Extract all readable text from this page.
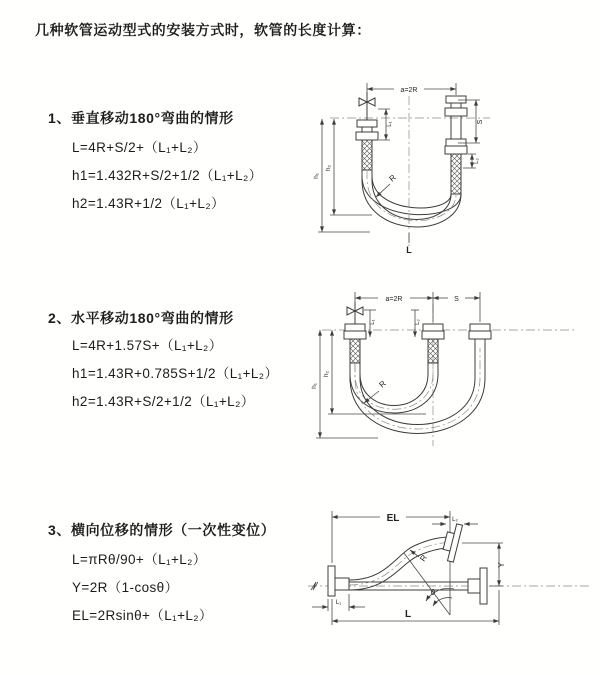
几种软管运动型式的安装方式时，软管的长度计算：
1、垂直移动180°弯曲的情形
L=4R+S/2+（L₁+L₂）
h1=1.432R+S/2+1/2（L₁+L₂）
h2=1.43R+1/2（L₁+L₂）
a=2R
S
L₁
L₂
h₁
h₂
R
L
2、水平移动180°弯曲的情形
L=4R+1.57S+（L₁+L₂）
h1=1.43R+0.785S+1/2（L₁+L₂）
h2=1.43R+S/2+1/2（L₁+L₂）
a=2R	S
L₁	L₂
h₁
h₂
R
3、横向位移的情形（一次性变位）
L=πRθ/90+（L₁+L₂）
Y=2R（1-cosθ）
EL=2Rsinθ+（L₁+L₂）
EL	L₂
L₁
θ
R
Y
L
